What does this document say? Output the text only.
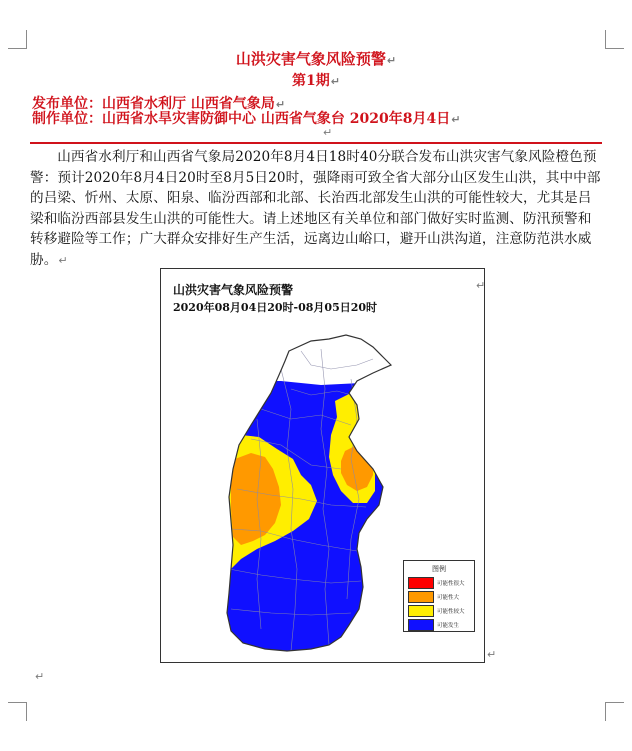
山洪灾害气象风险预警↵
第1期↵
发布单位：山西省水利厅 山西省气象局↵
制作单位：山西省水旱灾害防御中心 山西省气象台 2020年8月4日↵
↵
山西省水利厅和山西省气象局2020年8月4日18时40分联合发布山洪灾害气象风险橙色预警：预计2020年8月4日20时至8月5日20时，强降雨可致全省大部分山区发生山洪，其中中部的吕梁、忻州、太原、阳泉、临汾西部和北部、长治西北部发生山洪的可能性较大，尤其是吕梁和临汾西部县发生山洪的可能性大。请上述地区有关单位和部门做好实时监测、防汛预警和转移避险等工作；广大群众安排好生产生活，远离边山峪口，避开山洪沟道，注意防范洪水威胁。↵
山洪灾害气象风险预警
2020年08月04日20时-08月05日20时
↵
图例
可能性很大
可能性大
可能性较大
可能发生
↵
↵
